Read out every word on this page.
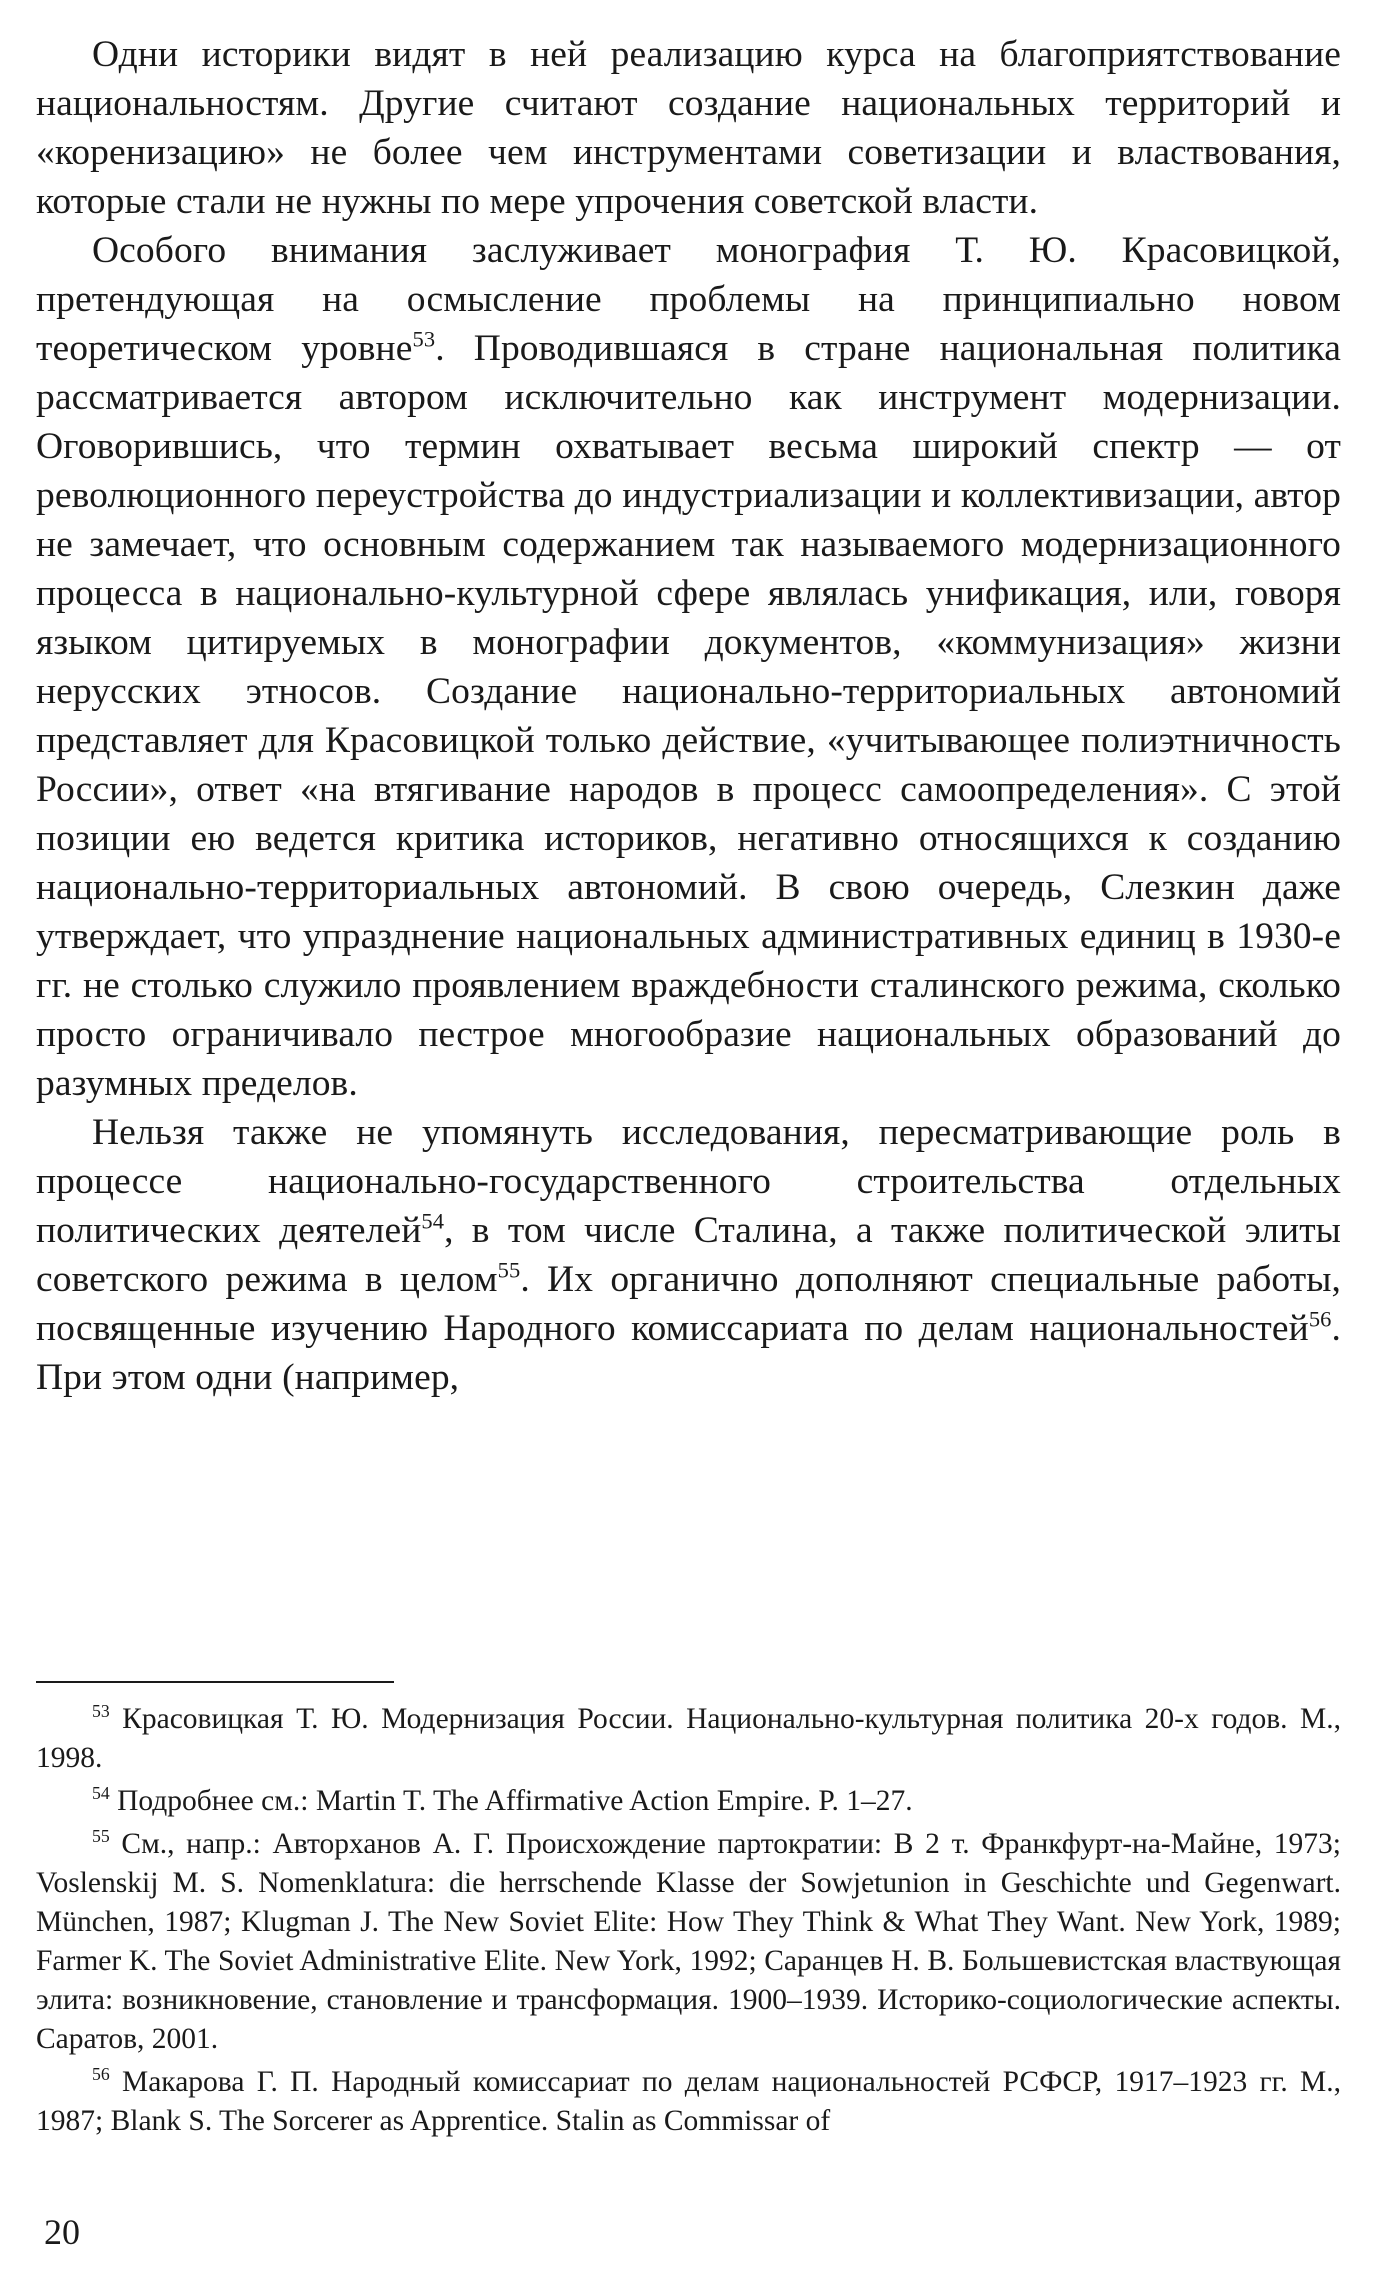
Одни историки видят в ней реализацию курса на благоприятствование национальностям. Другие считают создание национальных территорий и «коренизацию» не более чем инструментами советизации и властвования, которые стали не нужны по мере упрочения советской власти.

Особого внимания заслуживает монография Т. Ю. Красовицкой, претендующая на осмысление проблемы на принципиально новом теоретическом уровне$^{53}$. Проводившаяся в стране национальная политика рассматривается автором исключительно как инструмент модернизации. Оговорившись, что термин охватывает весьма широкий спектр — от революционного переустройства до индустриализации и коллективизации, автор не замечает, что основным содержанием так называемого модернизационного процесса в национально-культурной сфере являлась унификация, или, говоря языком цитируемых в монографии документов, «коммунизация» жизни нерусских этносов. Создание национально-территориальных автономий представляет для Красовицкой только действие, «учитывающее полиэтничность России», ответ «на втягивание народов в процесс самоопределения». С этой позиции ею ведется критика историков, негативно относящихся к созданию национально-территориальных автономий. В свою очередь, Слезкин даже утверждает, что упразднение национальных административных единиц в 1930-е гг. не столько служило проявлением враждебности сталинского режима, сколько просто ограничивало пестрое многообразие национальных образований до разумных пределов.

Нельзя также не упомянуть исследования, пересматривающие роль в процессе национально-государственного строительства отдельных политических деятелей$^{54}$, в том числе Сталина, а также политической элиты советского режима в целом$^{55}$. Их органично дополняют специальные работы, посвященные изучению Народного комиссариата по делам национальностей$^{56}$. При этом одни (например,

$^{53}$ Красовицкая Т. Ю. Модернизация России. Национально-культурная политика 20-х годов. М., 1998.

$^{54}$ Подробнее см.: Martin T. The Affirmative Action Empire. P. 1–27.

$^{55}$ См., напр.: Авторханов А. Г. Происхождение партократии: В 2 т. Франкфурт-на-Майне, 1973; Voslenskij M. S. Nomenklatura: die herrschende Klasse der Sowjetunion in Geschichte und Gegenwart. München, 1987; Klugman J. The New Soviet Elite: How They Think & What They Want. New York, 1989; Farmer K. The Soviet Administrative Elite. New York, 1992; Саранцев Н. В. Большевистская властвующая элита: возникновение, становление и трансформация. 1900–1939. Историко-социологические аспекты. Саратов, 2001.

$^{56}$ Макарова Г. П. Народный комиссариат по делам национальностей РСФСР, 1917–1923 гг. М., 1987; Blank S. The Sorcerer as Apprentice. Stalin as Commissar of

20
